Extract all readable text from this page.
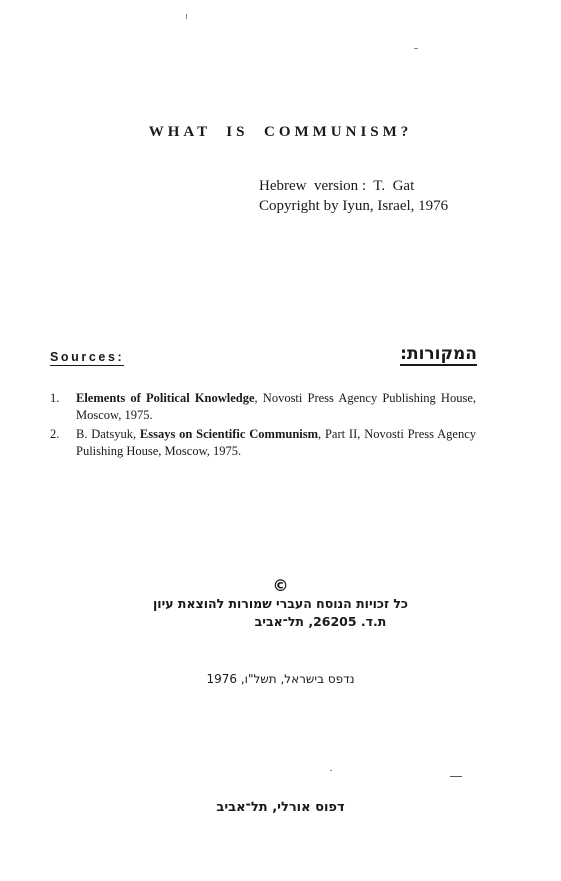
WHAT  IS  COMMUNISM?
Hebrew  version :  T.  Gat
Copyright by Iyun, Israel, 1976
Sources:	המקורות:
1.	Elements of Political Knowledge, Novosti Press Agency Publishing House, Moscow, 1975.
2.	B. Datsyuk, Essays on Scientific Communism, Part II, Novosti Press Agency Pulishing House, Moscow, 1975.
©
כל זכויות הנוסח העברי שמורות להוצאת עיון
ת.ד. 26205, תל־אביב
נדפס בישראל, תשל"ו, 1976
דפוס אורלי, תל־אביב
